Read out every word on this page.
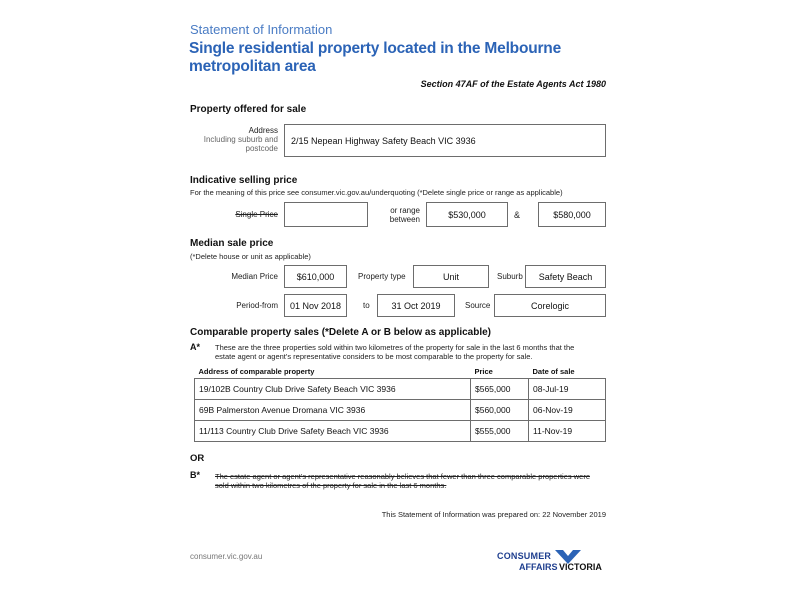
Statement of Information
Single residential property located in the Melbourne
metropolitan area
Section 47AF of the Estate Agents Act 1980
Property offered for sale
Address
Including suburb and
postcode
2/15 Nepean Highway Safety Beach VIC 3936
Indicative selling price
For the meaning of this price see consumer.vic.gov.au/underquoting (*Delete single price or range as applicable)
Single Price	or range
between	$530,000	&	$580,000
Median sale price
(*Delete house or unit as applicable)
Median Price	$610,000	Property type	Unit	Suburb	Safety Beach
Period-from	01 Nov 2018	to	31 Oct 2019	Source	Corelogic
Comparable property sales (*Delete A or B below as applicable)
A* These are the three properties sold within two kilometres of the property for sale in the last 6 months that the
estate agent or agent's representative considers to be most comparable to the property for sale.
Address of comparable property	Price	Date of sale
19/102B Country Club Drive Safety Beach VIC 3936	$565,000	08-Jul-19
69B Palmerston Avenue Dromana VIC 3936	$560,000	06-Nov-19
11/113 Country Club Drive Safety Beach VIC 3936	$555,000	11-Nov-19
OR
B* The estate agent or agent's representative reasonably believes that fewer than three comparable properties were
sold within two kilometres of the property for sale in the last 6 months.
This Statement of Information was prepared on: 22 November 2019
consumer.vic.gov.au	CONSUMER
AFFAIRS VICTORIA
